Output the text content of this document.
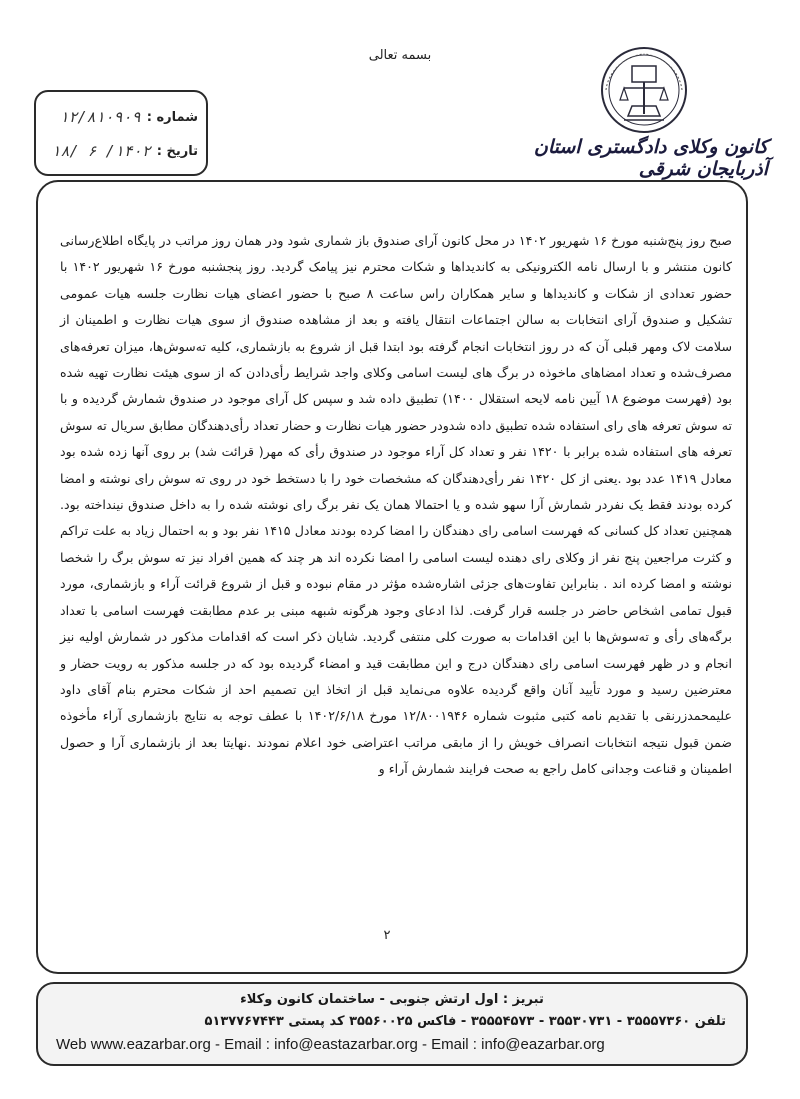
بسمه تعالی
کانون وکلای دادگستری استان آذربایجان شرقی
شماره :
۱۲/۸۱۰۹۰۹
تاریخ :
۱۴۰۲/ ۶ /۱۸

صبح روز پنج‌شنبه مورخ ۱۶ شهریور ۱۴۰۲ در محل کانون آرای صندوق باز شماری شود ودر همان روز مراتب در پایگاه اطلاع‌رسانی کانون منتشر و با ارسال نامه الکترونیکی به کاندیداها و شکات محترم نیز پیامک گردید. روز پنجشنبه مورخ ۱۶ شهریور ۱۴۰۲ با حضور تعدادی از شکات و کاندیداها و سایر همکاران راس ساعت ۸ صبح با حضور اعضای هیات نظارت جلسه هیات عمومی تشکیل و صندوق آرای انتخابات به سالن اجتماعات انتقال یافته و بعد از مشاهده صندوق از سوی هیات نظارت و اطمینان از سلامت لاک ومهر قبلی آن که در روز انتخابات انجام گرفته بود ابتدا قبل از شروع به بازشماری، کلیه ته‌سوش‌ها، میزان تعرفه‌های مصرف‌شده و تعداد امضاهای ماخوذه در برگ های لیست اسامی وکلای واجد شرایط رأی‌دادن که از سوی هیئت نظارت تهیه شده بود (فهرست موضوع ۱۸ آیین نامه لایحه استقلال ۱۴۰۰) تطبیق داده شد و سپس کل آرای موجود در صندوق شمارش گردیده و با ته سوش تعرفه های رای استفاده شده تطبیق داده شدودر حضور هیات نظارت و حضار تعداد رأی‌دهندگان مطابق سریال ته سوش تعرفه های استفاده شده برابر با ۱۴۲۰ نفر و تعداد کل آراء موجود در صندوق رأی که مهر( قرائت شد) بر روی آنها زده شده بود معادل ۱۴۱۹ عدد بود .یعنی از کل ۱۴۲۰ نفر رأی‌دهندگان که مشخصات خود را با دستخط خود در روی ته سوش رای نوشته و امضا کرده بودند فقط یک نفردر شمارش آرا سهو شده و یا احتمالا همان یک نفر برگ رای نوشته شده را به داخل صندوق نینداخته بود. همچنین تعداد کل کسانی که فهرست اسامی رای دهندگان را امضا کرده بودند معادل ۱۴۱۵ نفر بود و به احتمال زیاد به علت تراکم و کثرت مراجعین پنج نفر از وکلای رای دهنده لیست اسامی را امضا نکرده اند هر چند که همین افراد نیز ته سوش برگ را شخصا نوشته و امضا کرده اند . بنابراین تفاوت‌های جزئی اشاره‌شده مؤثر در مقام نبوده و قبل از شروع قرائت آراء و بازشماری، مورد قبول تمامی اشخاص حاضر در جلسه قرار گرفت. لذا ادعای وجود هرگونه شبهه مبنی بر عدم مطابقت فهرست اسامی با تعداد برگه‌های رأی و ته‌سوش‌ها با این اقدامات به صورت کلی منتفی گردید. شایان ذکر است که اقدامات مذکور در شمارش اولیه نیز انجام و در ظهر فهرست اسامی رای دهندگان درج و این مطابقت قید و امضاء گردیده بود که در جلسه مذکور به رویت حضار و معترضین رسید و مورد تأیید آنان واقع گردیده علاوه می‌نماید قبل از اتخاذ این تصمیم احد از شکات محترم بنام آقای داود علیمحمدزرنقی با تقدیم نامه کتبی مثبوت شماره ۱۲/۸۰۰۱۹۴۶ مورخ ۱۴۰۲/۶/۱۸ با عطف توجه به نتایج بازشماری آراء مأخوذه ضمن قبول نتیجه انتخابات انصراف خویش را از مابقی مراتب اعتراضی خود اعلام نمودند .نهایتا بعد از بازشماری آرا و حصول اطمینان و قناعت وجدانی کامل راجع به صحت فرایند شمارش آراء و

۲
تبریز : اول ارتش جنوبی - ساختمان کانون وکلاء
تلفن ۳۵۵۵۷۳۶۰ - ۳۵۵۳۰۷۳۱ - ۳۵۵۵۴۵۷۳ - فاکس ۳۵۵۶۰۰۲۵ کد پستی ۵۱۳۷۷۶۷۴۴۳
Web www.eazarbar.org - Email : info@eastazarbar.org - Email : info@eazarbar.org
